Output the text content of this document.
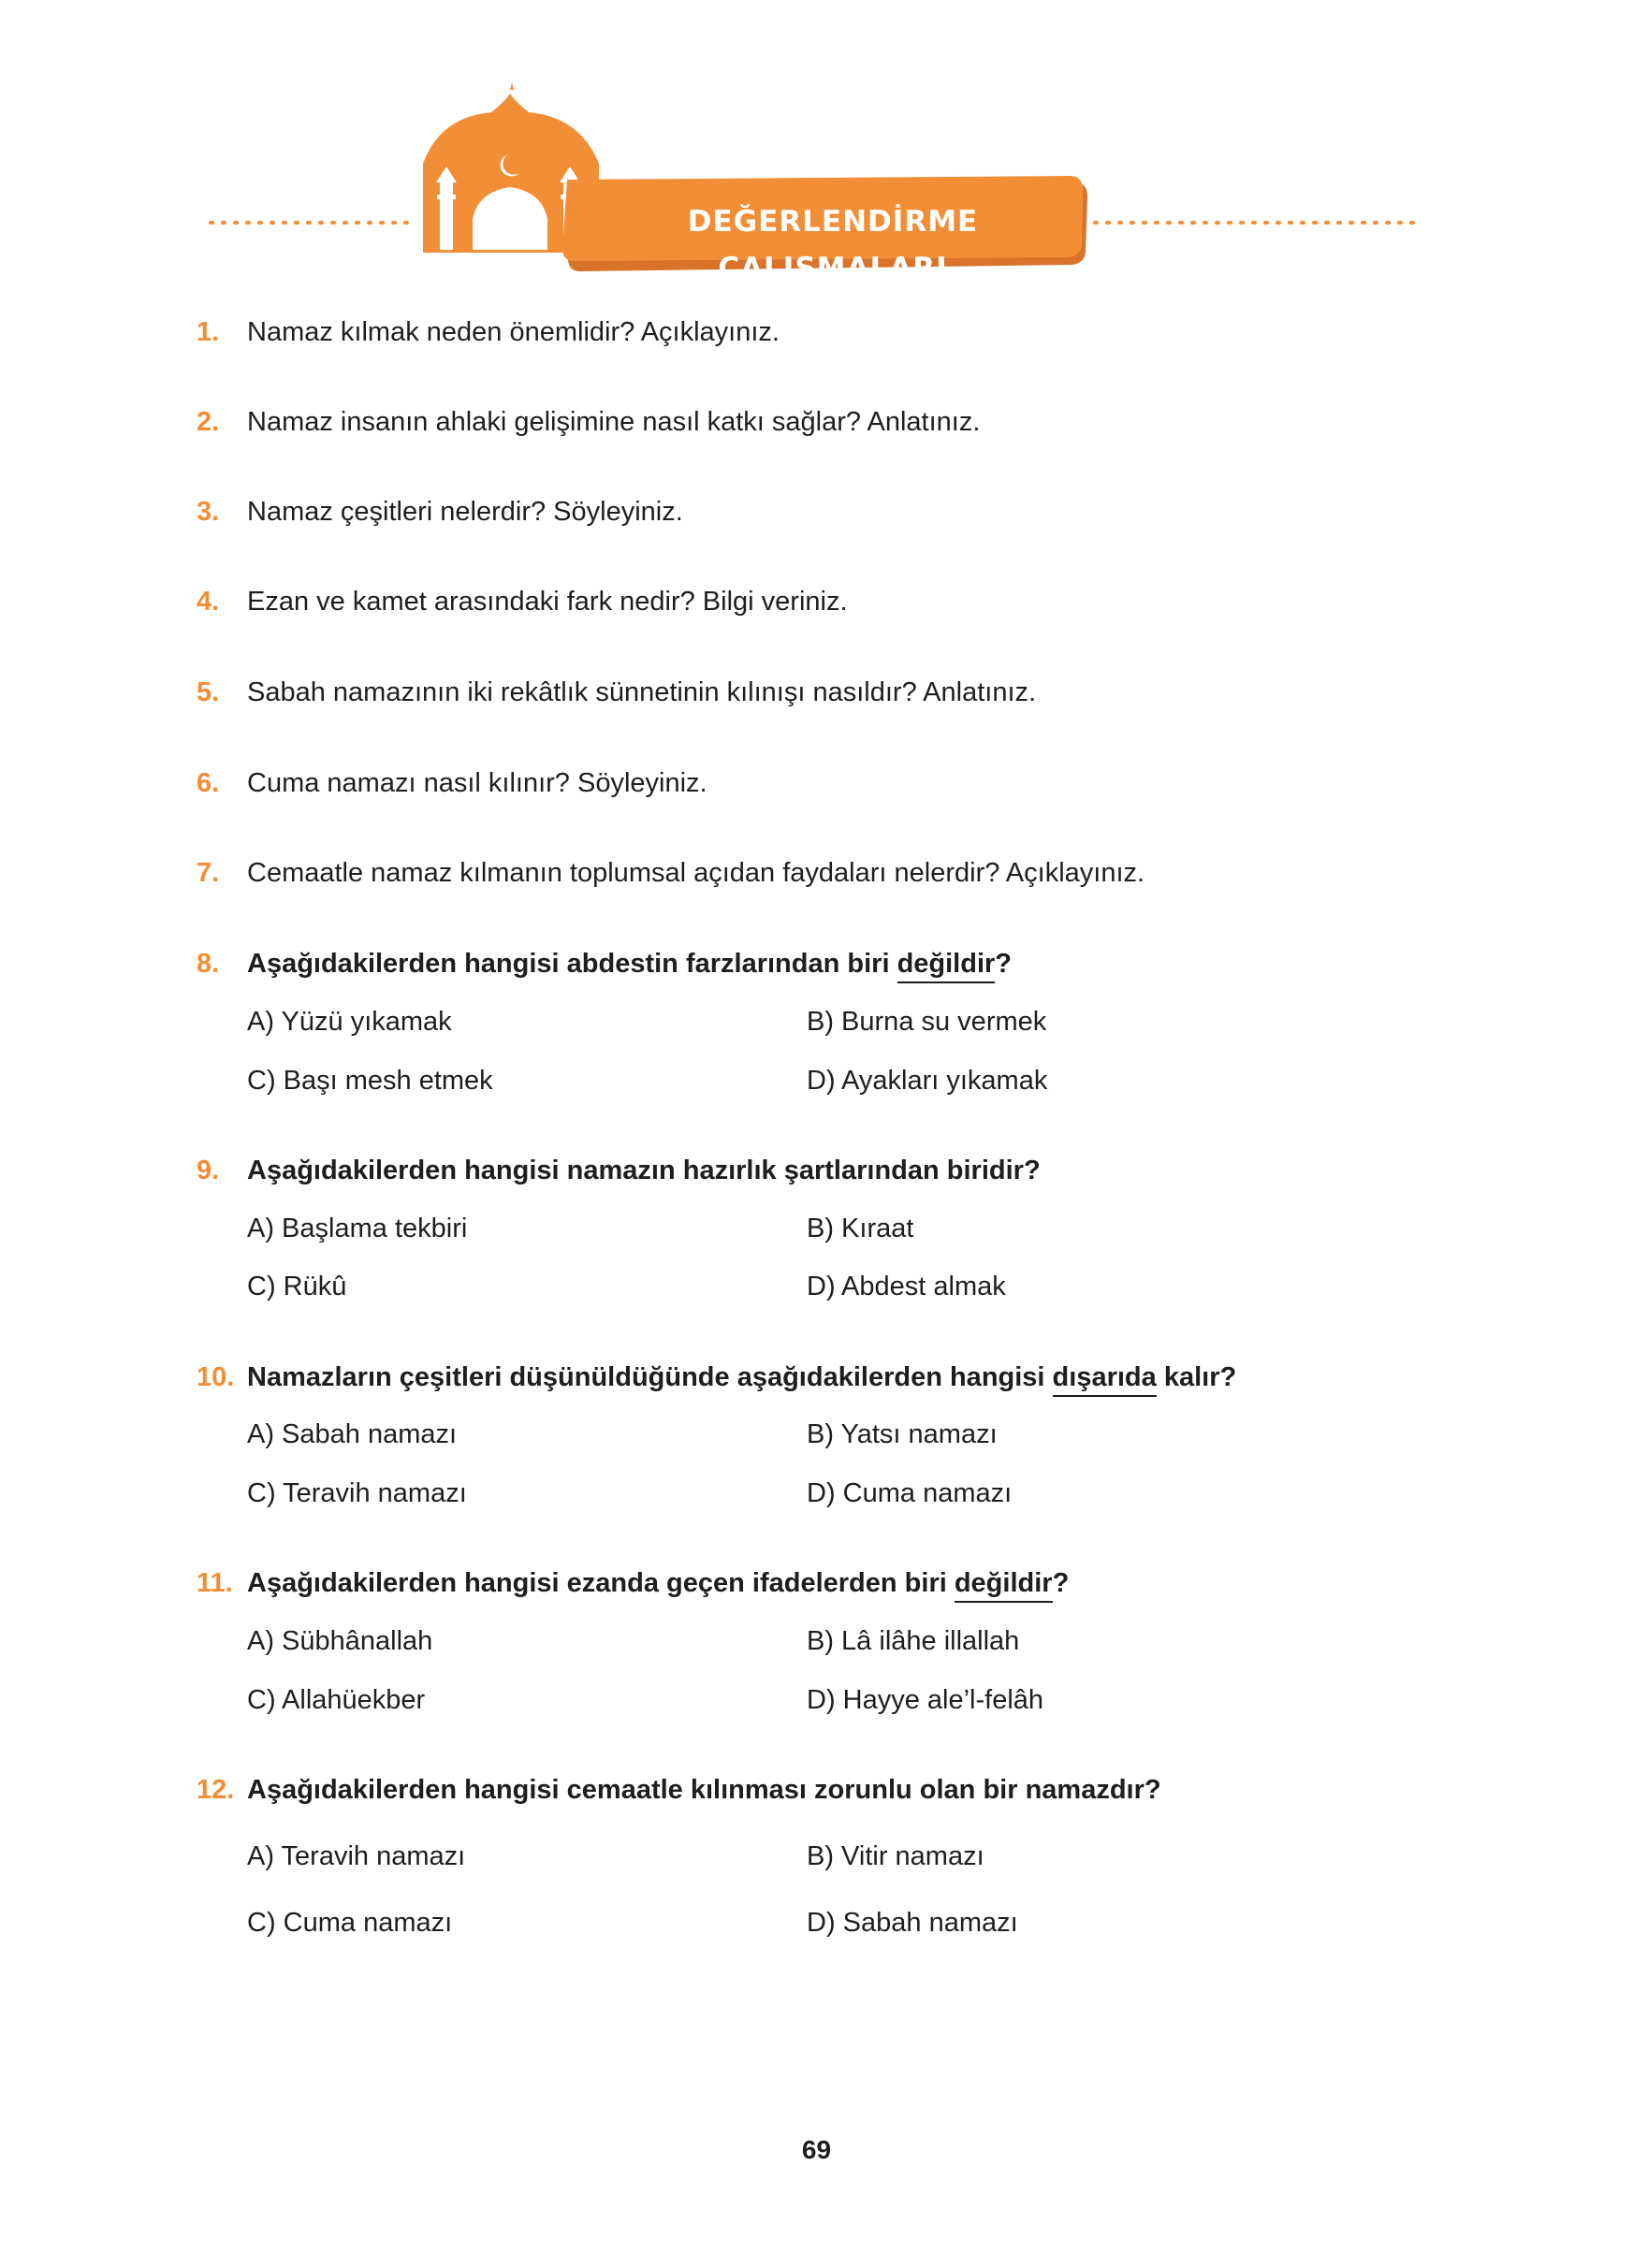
DEĞERLENDİRME ÇALIŞMALARI
1. Namaz kılmak neden önemlidir? Açıklayınız.
2. Namaz insanın ahlaki gelişimine nasıl katkı sağlar? Anlatınız.
3. Namaz çeşitleri nelerdir? Söyleyiniz.
4. Ezan ve kamet arasındaki fark nedir? Bilgi veriniz.
5. Sabah namazının iki rekâtlık sünnetinin kılınışı nasıldır? Anlatınız.
6. Cuma namazı nasıl kılınır? Söyleyiniz.
7. Cemaatle namaz kılmanın toplumsal açıdan faydaları nelerdir? Açıklayınız.
8. Aşağıdakilerden hangisi abdestin farzlarından biri değildir?
A) Yüzü yıkamak	B) Burna su vermek
C) Başı mesh etmek	D) Ayakları yıkamak
9. Aşağıdakilerden hangisi namazın hazırlık şartlarından biridir?
A) Başlama tekbiri	B) Kıraat
C) Rükû	D) Abdest almak
10. Namazların çeşitleri düşünüldüğünde aşağıdakilerden hangisi dışarıda kalır?
A) Sabah namazı	B) Yatsı namazı
C) Teravih namazı	D) Cuma namazı
11. Aşağıdakilerden hangisi ezanda geçen ifadelerden biri değildir?
A) Sübhânallah	B) Lâ ilâhe illallah
C) Allahüekber	D) Hayye ale’l-felâh
12. Aşağıdakilerden hangisi cemaatle kılınması zorunlu olan bir namazdır?
A) Teravih namazı	B) Vitir namazı
C) Cuma namazı	D) Sabah namazı
69
